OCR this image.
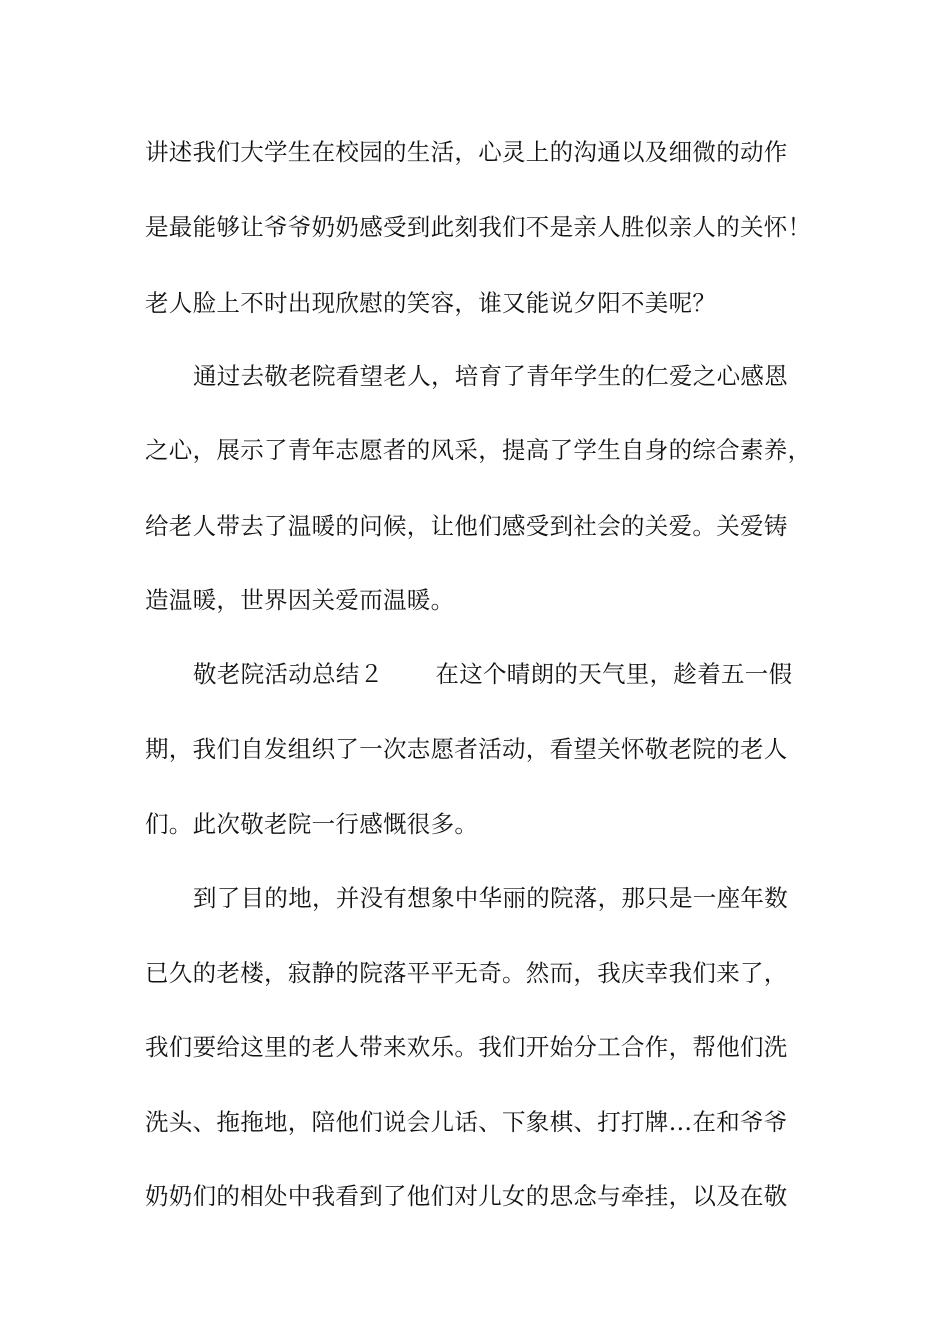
讲述我们大学生在校园的生活，心灵上的沟通以及细微的动作
是最能够让爷爷奶奶感受到此刻我们不是亲人胜似亲人的关怀！
老人脸上不时出现欣慰的笑容，谁又能说夕阳不美呢？
通过去敬老院看望老人，培育了青年学生的仁爱之心感恩
之心，展示了青年志愿者的风采，提高了学生自身的综合素养，
给老人带去了温暖的问候，让他们感受到社会的关爱。关爱铸
造温暖，世界因关爱而温暖。
敬老院活动总结２ 在这个晴朗的天气里，趁着五一假
期，我们自发组织了一次志愿者活动，看望关怀敬老院的老人
们。此次敬老院一行感慨很多。
到了目的地，并没有想象中华丽的院落，那只是一座年数
已久的老楼，寂静的院落平平无奇。然而，我庆幸我们来了，
我们要给这里的老人带来欢乐。我们开始分工合作，帮他们洗
洗头、拖拖地，陪他们说会儿话、下象棋、打打牌…在和爷爷
奶奶们的相处中我看到了他们对儿女的思念与牵挂，以及在敬
